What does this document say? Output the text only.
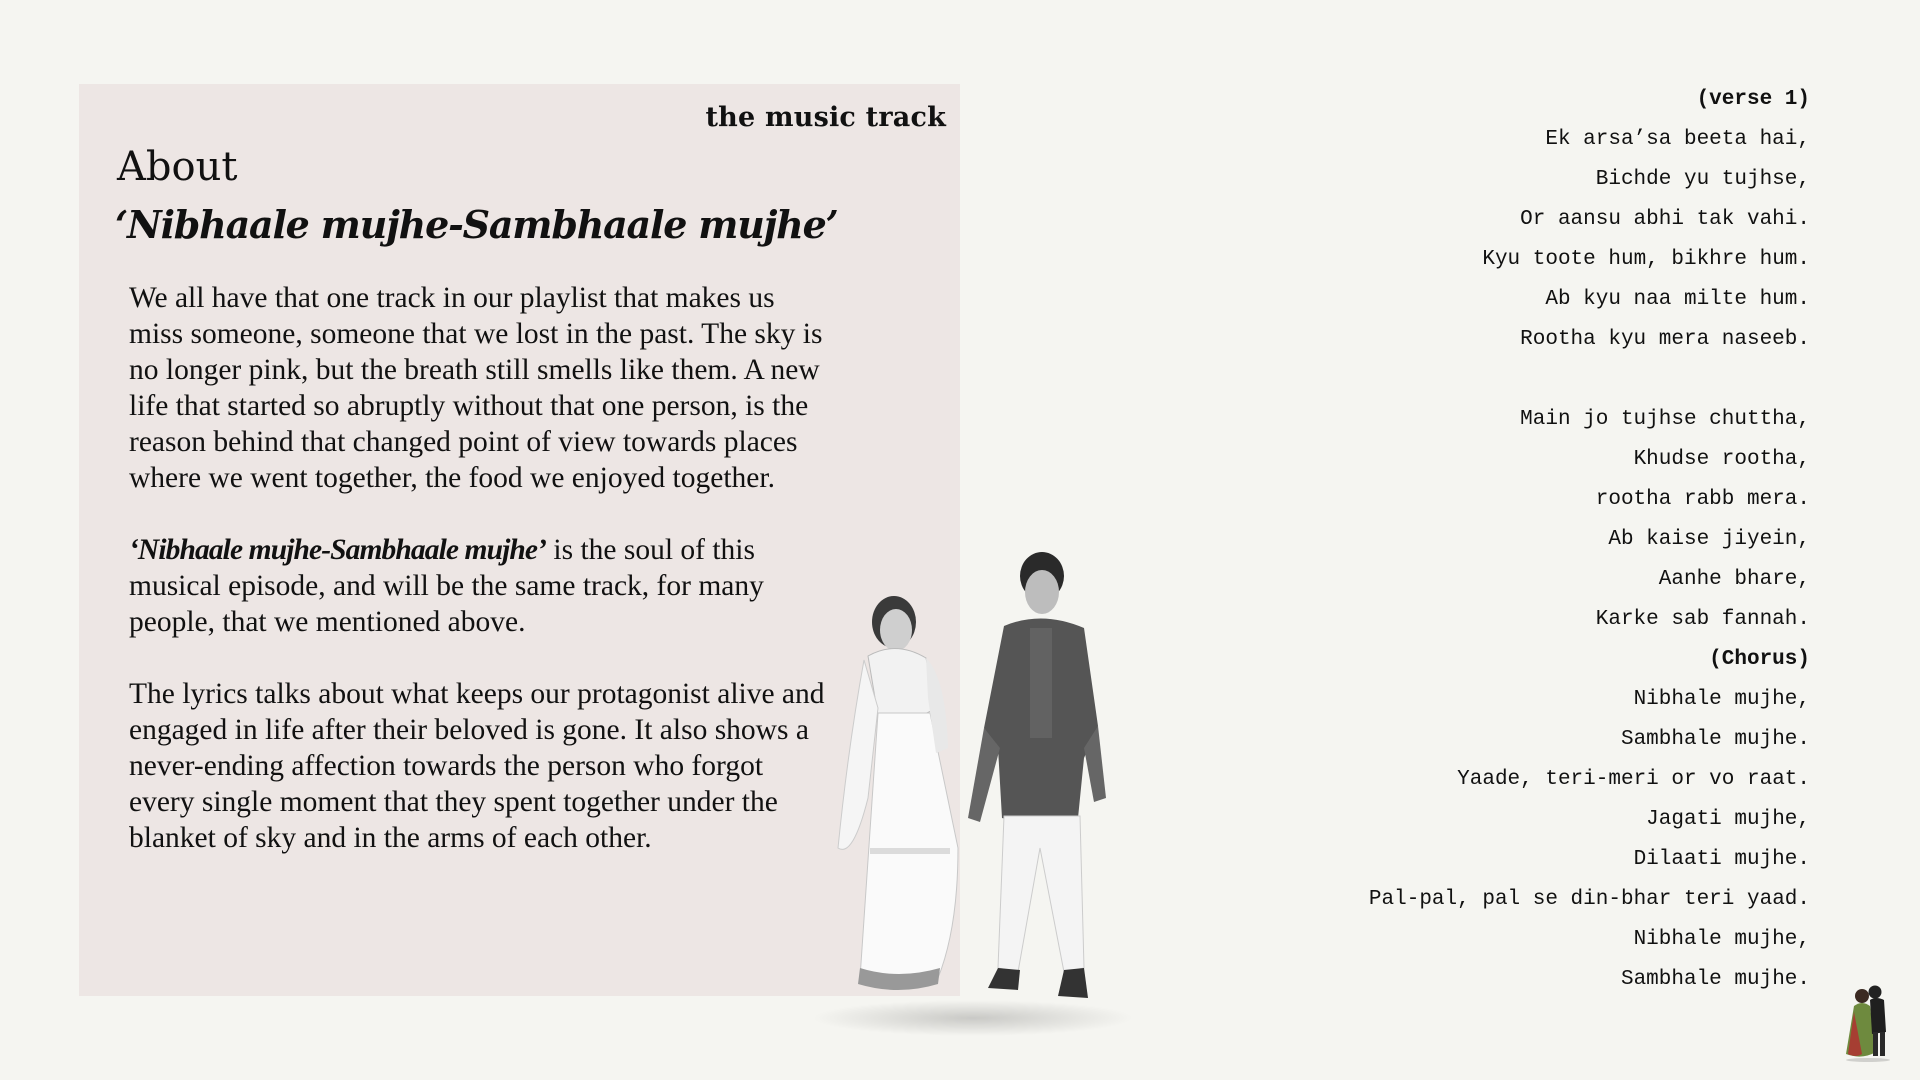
the music track
About
‘Nibhaale mujhe-Sambhaale mujhe’

We all have that one track in our playlist that makes us miss someone, someone that we lost in the past. The sky is no longer pink, but the breath still smells like them. A new life that started so abruptly without that one person, is the reason behind that changed point of view towards places where we went together, the food we enjoyed together.

‘Nibhaale mujhe-Sambhaale mujhe’ is the soul of this musical episode, and will be the same track, for many people, that we mentioned above.

The lyrics talks about what keeps our protagonist alive and engaged in life after their beloved is gone. It also shows a never-ending affection towards the person who forgot every single moment that they spent together under the blanket of sky and in the arms of each other.

(verse 1)
Ek arsa’sa beeta hai,
Bichde yu tujhse,
Or aansu abhi tak vahi.
Kyu toote hum, bikhre hum.
Ab kyu naa milte hum.
Rootha kyu mera naseeb.
Main jo tujhse chuttha,
Khudse rootha,
rootha rabb mera.
Ab kaise jiyein,
Aanhe bhare,
Karke sab fannah.
(Chorus)
Nibhale mujhe,
Sambhale mujhe.
Yaade, teri-meri or vo raat.
Jagati mujhe,
Dilaati mujhe.
Pal-pal, pal se din-bhar teri yaad.
Nibhale mujhe,
Sambhale mujhe.
